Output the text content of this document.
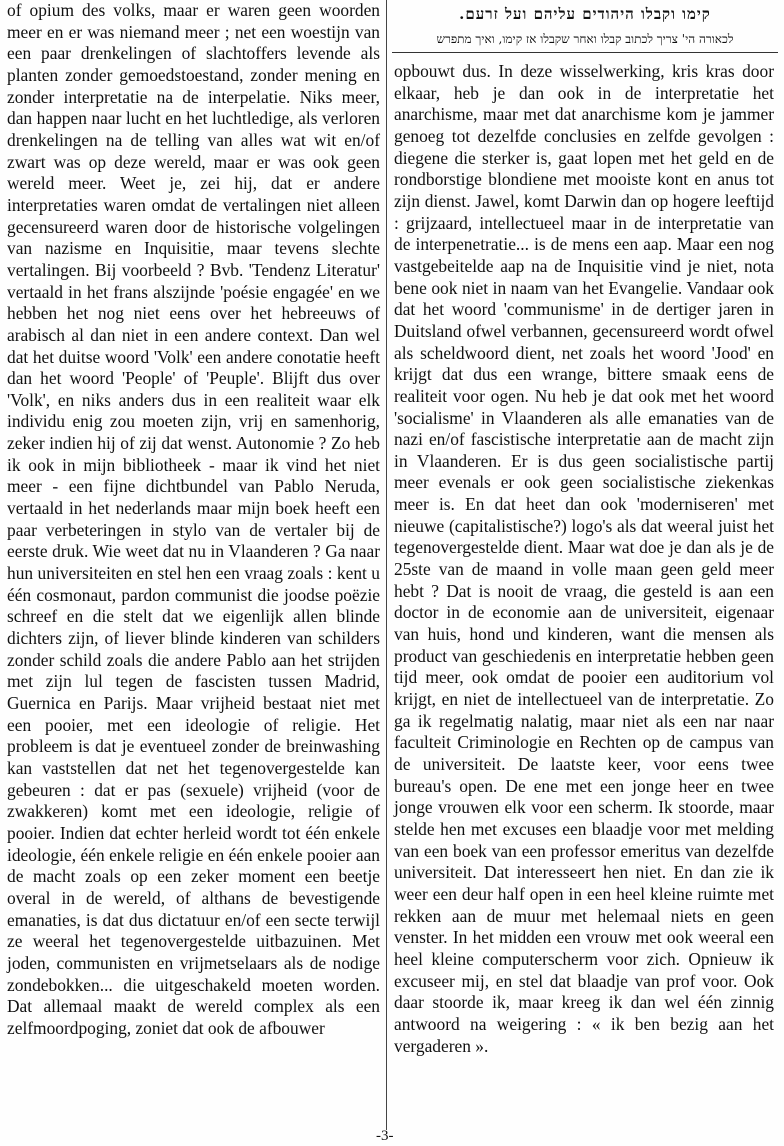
of opium des volks, maar er waren geen woorden meer en er was niemand meer ; net een woestijn van een paar drenkelingen of slachtoffers levende als planten zonder gemoedstoestand, zonder mening en zonder interpretatie na de interpelatie. Niks meer, dan happen naar lucht en het luchtledige, als verloren drenkelingen na de telling van alles wat wit en/of zwart was op deze wereld, maar er was ook geen wereld meer. Weet je, zei hij, dat er andere interpretaties waren omdat de vertalingen niet alleen gecensureerd waren door de historische volgelingen van nazisme en Inquisitie, maar tevens slechte vertalingen. Bij voorbeeld ? Bvb. 'Tendenz Literatur' vertaald in het frans alszijnde 'poésie engagée' en we hebben het nog niet eens over het hebreeuws of arabisch al dan niet in een andere context. Dan wel dat het duitse woord 'Volk' een andere conotatie heeft dan het woord 'People' of 'Peuple'. Blijft dus over 'Volk', en niks anders dus in een realiteit waar elk individu enig zou moeten zijn, vrij en samenhorig, zeker indien hij of zij dat wenst. Autonomie ? Zo heb ik ook in mijn bibliotheek - maar ik vind het niet meer - een fijne dichtbundel van Pablo Neruda, vertaald in het nederlands maar mijn boek heeft een paar verbeteringen in stylo van de vertaler bij de eerste druk. Wie weet dat nu in Vlaanderen ? Ga naar hun universiteiten en stel hen een vraag zoals : kent u één cosmonaut, pardon communist die joodse poëzie schreef en die stelt dat we eigenlijk allen blinde dichters zijn, of liever blinde kinderen van schilders zonder schild zoals die andere Pablo aan het strijden met zijn lul tegen de fascisten tussen Madrid, Guernica en Parijs. Maar vrijheid bestaat niet met een pooier, met een ideologie of religie. Het probleem is dat je eventueel zonder de breinwashing kan vaststellen dat net het tegenovergestelde kan gebeuren : dat er pas (sexuele) vrijheid (voor de zwakkeren) komt met een ideologie, religie of pooier. Indien dat echter herleid wordt tot één enkele ideologie, één enkele religie en één enkele pooier aan de macht zoals op een zeker moment een beetje overal in de wereld, of althans de bevestigende emanaties, is dat dus dictatuur en/of een secte terwijl ze weeral het tegenovergestelde uitbazuinen. Met joden, communisten en vrijmetselaars als de nodige zondebokken... die uitgeschakeld moeten worden. Dat allemaal maakt de wereld complex als een zelfmoordpoging, zoniet dat ook de afbouwer

קימו וקבלו היהודים עליהם ועל זרעם.
לכאורה הי' צריך לכתוב קבלו ואחר שקבלו אז קימו, ואיך מתפרש

opbouwt dus. In deze wisselwerking, kris kras door elkaar, heb je dan ook in de interpretatie het anarchisme, maar met dat anarchisme kom je jammer genoeg tot dezelfde conclusies en zelfde gevolgen : diegene die sterker is, gaat lopen met het geld en de rondborstige blondiene met mooiste kont en anus tot zijn dienst. Jawel, komt Darwin dan op hogere leeftijd : grijzaard, intellectueel maar in de interpretatie van de interpenetratie... is de mens een aap. Maar een nog vastgebeitelde aap na de Inquisitie vind je niet, nota bene ook niet in naam van het Evangelie. Vandaar ook dat het woord 'communisme' in de dertiger jaren in Duitsland ofwel verbannen, gecensureerd wordt ofwel als scheldwoord dient, net zoals het woord 'Jood' en krijgt dat dus een wrange, bittere smaak eens de realiteit voor ogen. Nu heb je dat ook met het woord 'socialisme' in Vlaanderen als alle emanaties van de nazi en/of fascistische interpretatie aan de macht zijn in Vlaanderen. Er is dus geen socialistische partij meer evenals er ook geen socialistische ziekenkas meer is. En dat heet dan ook 'moderniseren' met nieuwe (capitalistische?) logo's als dat weeral juist het tegenovergestelde dient. Maar wat doe je dan als je de 25ste van de maand in volle maan geen geld meer hebt ? Dat is nooit de vraag, die gesteld is aan een doctor in de economie aan de universiteit, eigenaar van huis, hond und kinderen, want die mensen als product van geschiedenis en interpretatie hebben geen tijd meer, ook omdat de pooier een auditorium vol krijgt, en niet de intellectueel van de interpretatie. Zo ga ik regelmatig nalatig, maar niet als een nar naar faculteit Criminologie en Rechten op de campus van de universiteit. De laatste keer, voor eens twee bureau's open. De ene met een jonge heer en twee jonge vrouwen elk voor een scherm. Ik stoorde, maar stelde hen met excuses een blaadje voor met melding van een boek van een professor emeritus van dezelfde universiteit. Dat interesseert hen niet. En dan zie ik weer een deur half open in een heel kleine ruimte met rekken aan de muur met helemaal niets en geen venster. In het midden een vrouw met ook weeral een heel kleine computerscherm voor zich. Opnieuw ik excuseer mij, en stel dat blaadje van prof voor. Ook daar stoorde ik, maar kreeg ik dan wel één zinnig antwoord na weigering : « ik ben bezig aan het vergaderen ».

-3-
